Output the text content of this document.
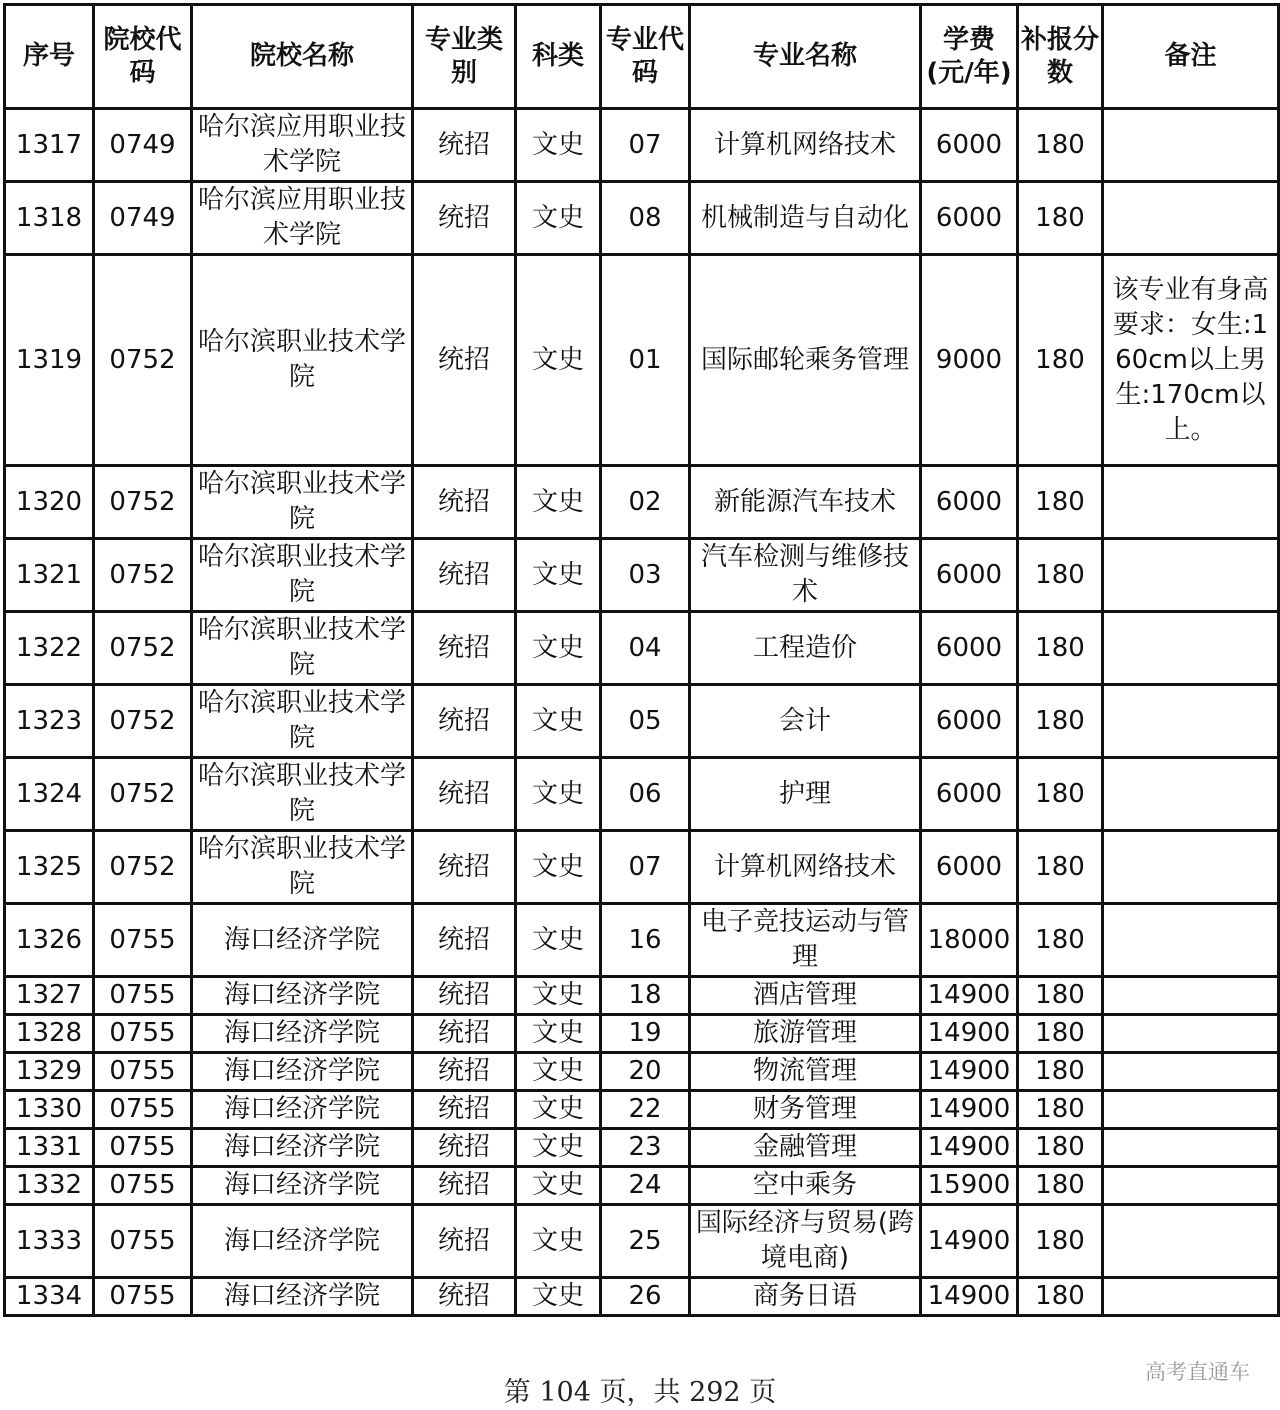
序号	院校代码	院校名称	专业类别	科类	专业代码	专业名称	学费(元/年)	补报分数	备注
1317	0749	哈尔滨应用职业技术学院	统招	文史	07	计算机网络技术	6000	180	
1318	0749	哈尔滨应用职业技术学院	统招	文史	08	机械制造与自动化	6000	180	
1319	0752	哈尔滨职业技术学院	统招	文史	01	国际邮轮乘务管理	9000	180	该专业有身高要求：女生:160cm以上男生:170cm以上。
1320	0752	哈尔滨职业技术学院	统招	文史	02	新能源汽车技术	6000	180	
1321	0752	哈尔滨职业技术学院	统招	文史	03	汽车检测与维修技术	6000	180	
1322	0752	哈尔滨职业技术学院	统招	文史	04	工程造价	6000	180	
1323	0752	哈尔滨职业技术学院	统招	文史	05	会计	6000	180	
1324	0752	哈尔滨职业技术学院	统招	文史	06	护理	6000	180	
1325	0752	哈尔滨职业技术学院	统招	文史	07	计算机网络技术	6000	180	
1326	0755	海口经济学院	统招	文史	16	电子竞技运动与管理	18000	180	
1327	0755	海口经济学院	统招	文史	18	酒店管理	14900	180	
1328	0755	海口经济学院	统招	文史	19	旅游管理	14900	180	
1329	0755	海口经济学院	统招	文史	20	物流管理	14900	180	
1330	0755	海口经济学院	统招	文史	22	财务管理	14900	180	
1331	0755	海口经济学院	统招	文史	23	金融管理	14900	180	
1332	0755	海口经济学院	统招	文史	24	空中乘务	15900	180	
1333	0755	海口经济学院	统招	文史	25	国际经济与贸易(跨境电商)	14900	180	
1334	0755	海口经济学院	统招	文史	26	商务日语	14900	180	
第 104 页，共 292 页
高考直通车
